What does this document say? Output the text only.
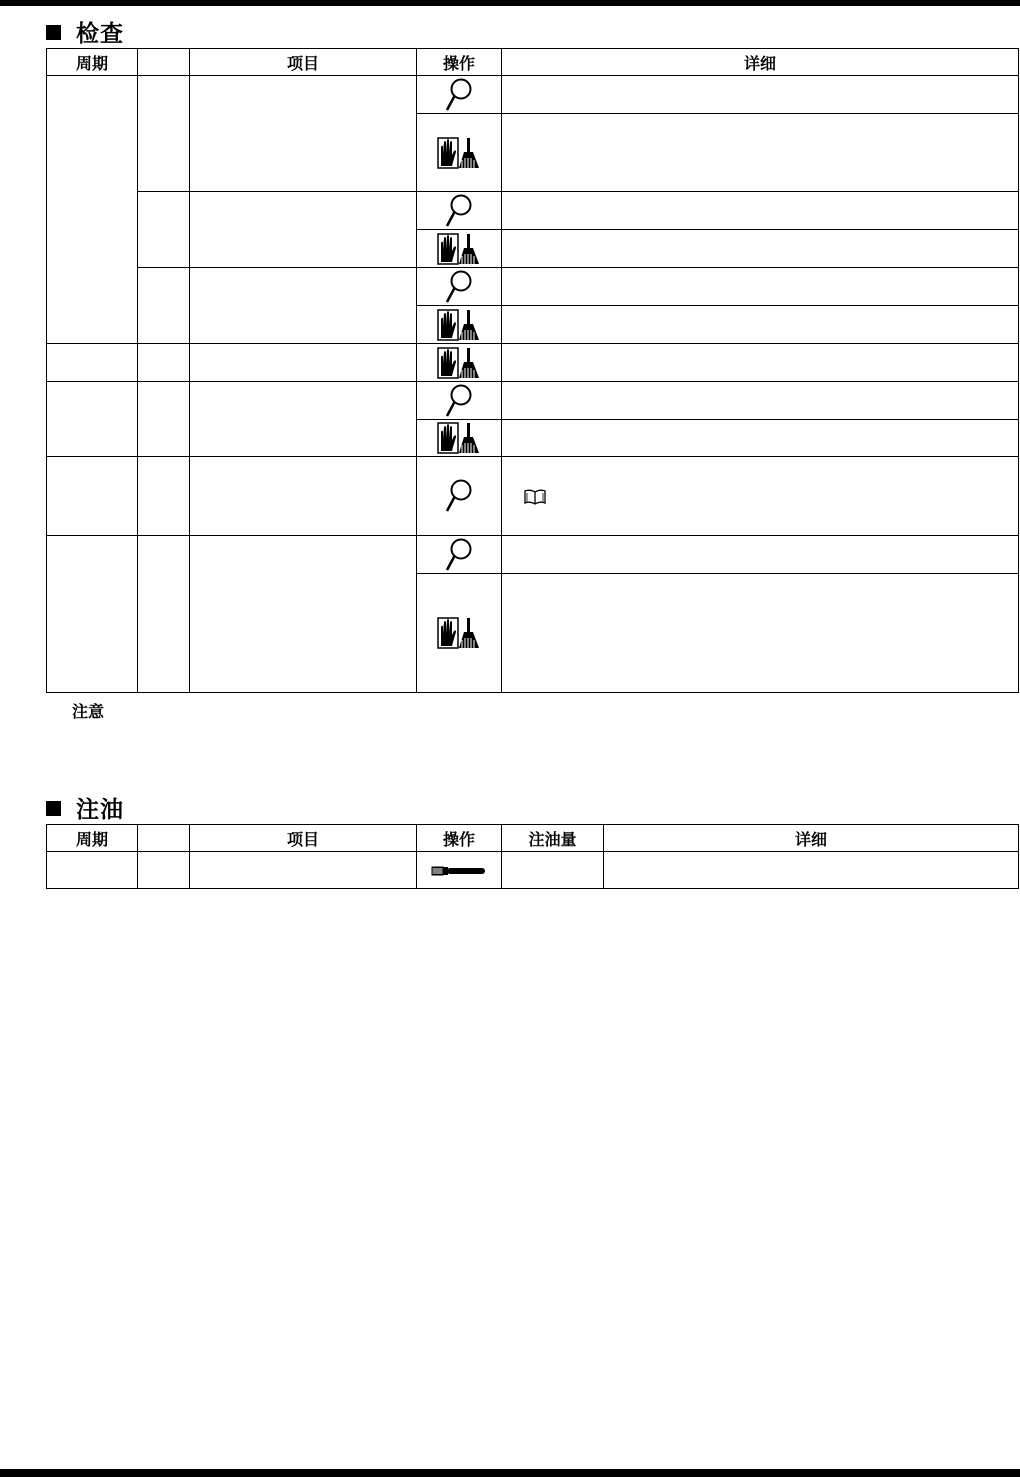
检查
周期		项目	操作	详细

注意
注油
周期		项目	操作	注油量	详细
